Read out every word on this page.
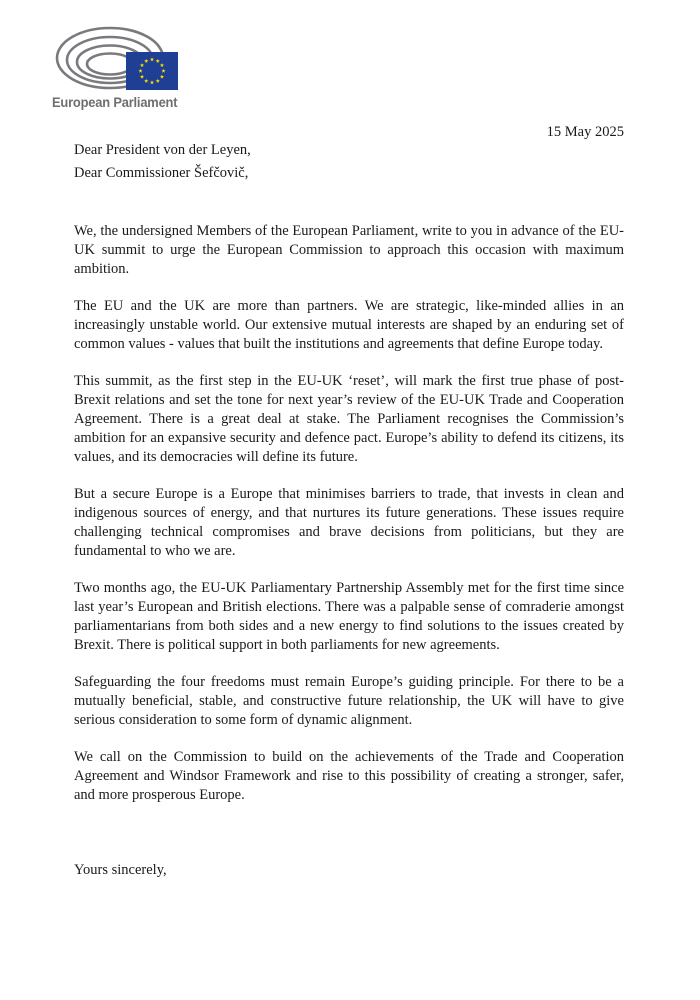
European Parliament
15 May 2025
Dear President von der Leyen,
Dear Commissioner Šefčovič,

We, the undersigned Members of the European Parliament, write to you in advance of the EU-UK summit to urge the European Commission to approach this occasion with maximum ambition.

The EU and the UK are more than partners. We are strategic, like-minded allies in an increasingly unstable world. Our extensive mutual interests are shaped by an enduring set of common values - values that built the institutions and agreements that define Europe today.

This summit, as the first step in the EU-UK ‘reset’, will mark the first true phase of post-Brexit relations and set the tone for next year’s review of the EU-UK Trade and Cooperation Agreement. There is a great deal at stake. The Parliament recognises the Commission’s ambition for an expansive security and defence pact. Europe’s ability to defend its citizens, its values, and its democracies will define its future.

But a secure Europe is a Europe that minimises barriers to trade, that invests in clean and indigenous sources of energy, and that nurtures its future generations. These issues require challenging technical compromises and brave decisions from politicians, but they are fundamental to who we are.

Two months ago, the EU-UK Parliamentary Partnership Assembly met for the first time since last year’s European and British elections. There was a palpable sense of comraderie amongst parliamentarians from both sides and a new energy to find solutions to the issues created by Brexit. There is political support in both parliaments for new agreements.

Safeguarding the four freedoms must remain Europe’s guiding principle. For there to be a mutually beneficial, stable, and constructive future relationship, the UK will have to give serious consideration to some form of dynamic alignment.

We call on the Commission to build on the achievements of the Trade and Cooperation Agreement and Windsor Framework and rise to this possibility of creating a stronger, safer, and more prosperous Europe.

Yours sincerely,
